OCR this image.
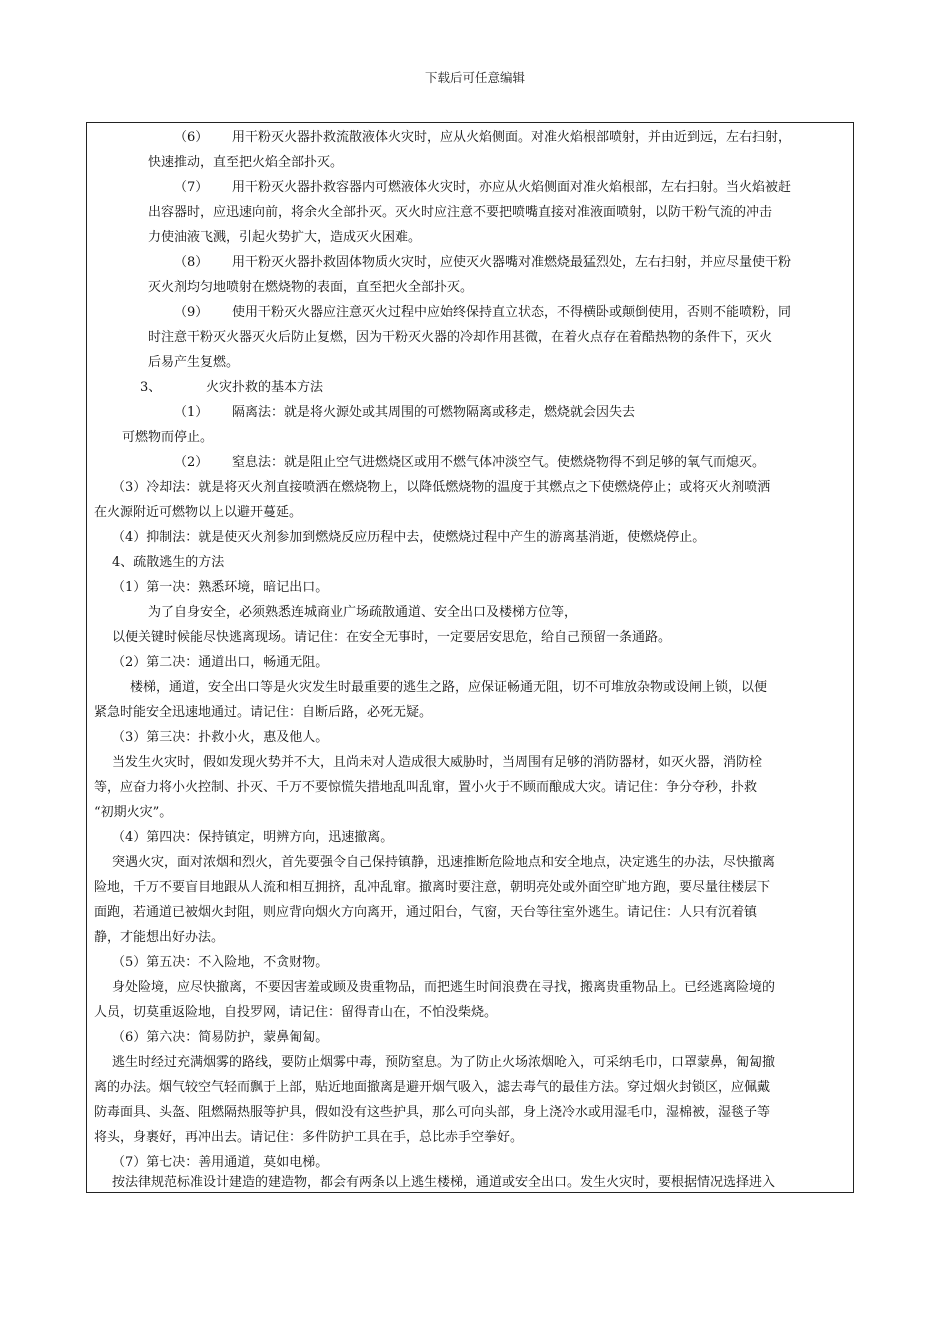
下载后可任意编辑
（6） 用干粉灭火器扑救流散液体火灾时，应从火焰侧面。对准火焰根部喷射，并由近到远，左右扫射，
快速推动，直至把火焰全部扑灭。
（7） 用干粉灭火器扑救容器内可燃液体火灾时，亦应从火焰侧面对准火焰根部，左右扫射。当火焰被赶
出容器时，应迅速向前，将余火全部扑灭。灭火时应注意不要把喷嘴直接对准液面喷射，以防干粉气流的冲击
力使油液飞溅，引起火势扩大，造成灭火困难。
（8） 用干粉灭火器扑救固体物质火灾时，应使灭火器嘴对准燃烧最猛烈处，左右扫射，并应尽量使干粉
灭火剂均匀地喷射在燃烧物的表面，直至把火全部扑灭。
（9） 使用干粉灭火器应注意灭火过程中应始终保持直立状态，不得横卧或颠倒使用，否则不能喷粉，同
时注意干粉灭火器灭火后防止复燃，因为干粉灭火器的冷却作用甚微，在着火点存在着酷热物的条件下，灭火
后易产生复燃。
3、	火灾扑救的基本方法
（1） 隔离法：就是将火源处或其周围的可燃物隔离或移走，燃烧就会因失去
可燃物而停止。
（2） 窒息法：就是阻止空气进燃烧区或用不燃气体冲淡空气。使燃烧物得不到足够的氧气而熄灭。
（3）冷却法：就是将灭火剂直接喷洒在燃烧物上，以降低燃烧物的温度于其燃点之下使燃烧停止；或将灭火剂喷洒
在火源附近可燃物以上以避开蔓延。
（4）抑制法：就是使灭火剂参加到燃烧反应历程中去，使燃烧过程中产生的游离基消逝，使燃烧停止。
4、疏散逃生的方法
（1）第一决：熟悉环境，暗记出口。
为了自身安全，必须熟悉连城商业广场疏散通道、安全出口及楼梯方位等，
以便关键时候能尽快逃离现场。请记住：在安全无事时，一定要居安思危，给自己预留一条通路。
（2）第二决：通道出口，畅通无阻。
楼梯，通道，安全出口等是火灾发生时最重要的逃生之路，应保证畅通无阻，切不可堆放杂物或设闸上锁，以便
紧急时能安全迅速地通过。请记住：自断后路，必死无疑。
（3）第三决：扑救小火，惠及他人。
当发生火灾时，假如发现火势并不大，且尚未对人造成很大威胁时，当周围有足够的消防器材，如灭火器，消防栓
等，应奋力将小火控制、扑灭、千万不要惊慌失措地乱叫乱窜，置小火于不顾而酿成大灾。请记住：争分夺秒，扑救
“初期火灾”。
（4）第四决：保持镇定，明辨方向，迅速撤离。
突遇火灾，面对浓烟和烈火，首先要强令自己保持镇静，迅速推断危险地点和安全地点，决定逃生的办法，尽快撤离
险地，千万不要盲目地跟从人流和相互拥挤，乱冲乱窜。撤离时要注意，朝明亮处或外面空旷地方跑，要尽量往楼层下
面跑，若通道已被烟火封阻，则应背向烟火方向离开，通过阳台，气窗，天台等往室外逃生。请记住：人只有沉着镇
静，才能想出好办法。
（5）第五决：不入险地，不贪财物。
身处险境，应尽快撤离，不要因害羞或顾及贵重物品，而把逃生时间浪费在寻找，搬离贵重物品上。已经逃离险境的
人员，切莫重返险地，自投罗网，请记住：留得青山在，不怕没柴烧。
（6）第六决：简易防护，蒙鼻匍匐。
逃生时经过充满烟雾的路线，要防止烟雾中毒，预防窒息。为了防止火场浓烟呛入，可采纳毛巾，口罩蒙鼻，匍匐撤
离的办法。烟气较空气轻而飘于上部，贴近地面撤离是避开烟气吸入，滤去毒气的最佳方法。穿过烟火封锁区，应佩戴
防毒面具、头盔、阻燃隔热服等护具，假如没有这些护具，那么可向头部，身上浇冷水或用湿毛巾，湿棉被，湿毯子等
将头，身裹好，再冲出去。请记住：多件防护工具在手，总比赤手空拳好。
（7）第七决：善用通道，莫如电梯。
按法律规范标准设计建造的建造物，都会有两条以上逃生楼梯，通道或安全出口。发生火灾时，要根据情况选择进入
